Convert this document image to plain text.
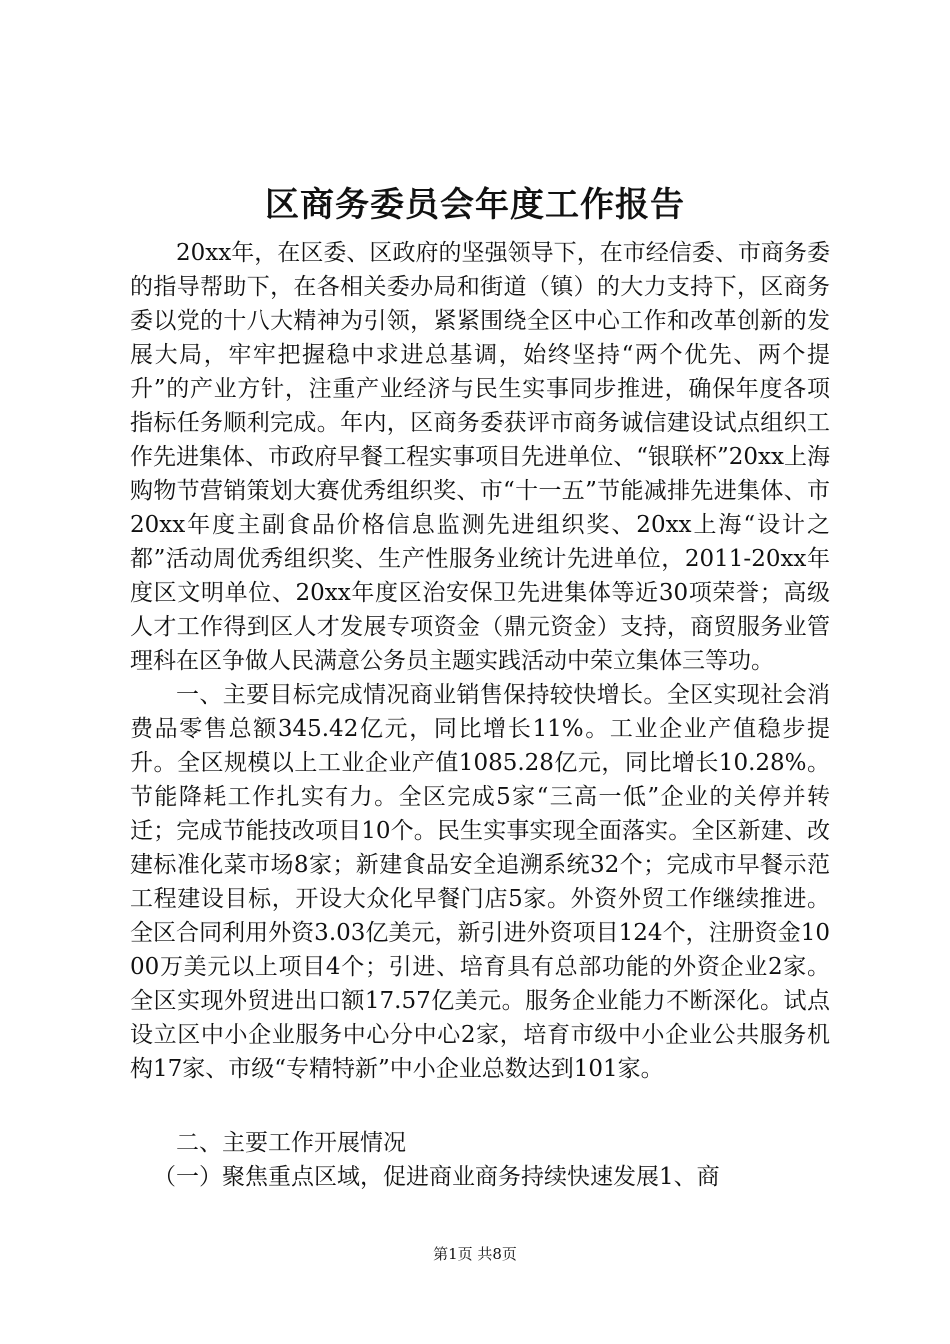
区商务委员会年度工作报告

20xx年，在区委、区政府的坚强领导下，在市经信委、市商务委的指导帮助下，在各相关委办局和街道（镇）的大力支持下，区商务委以党的十八大精神为引领，紧紧围绕全区中心工作和改革创新的发展大局，牢牢把握稳中求进总基调，始终坚持“两个优先、两个提升”的产业方针，注重产业经济与民生实事同步推进，确保年度各项指标任务顺利完成。年内，区商务委获评市商务诚信建设试点组织工作先进集体、市政府早餐工程实事项目先进单位、“银联杯”20xx上海购物节营销策划大赛优秀组织奖、市“十一五”节能减排先进集体、市20xx年度主副食品价格信息监测先进组织奖、20xx上海“设计之都”活动周优秀组织奖、生产性服务业统计先进单位，2011-20xx年度区文明单位、20xx年度区治安保卫先进集体等近30项荣誉；高级人才工作得到区人才发展专项资金（鼎元资金）支持，商贸服务业管理科在区争做人民满意公务员主题实践活动中荣立集体三等功。

一、主要目标完成情况商业销售保持较快增长。全区实现社会消费品零售总额345.42亿元，同比增长11%。工业企业产值稳步提升。全区规模以上工业企业产值1085.28亿元，同比增长10.28%。节能降耗工作扎实有力。全区完成5家“三高一低”企业的关停并转迁；完成节能技改项目10个。民生实事实现全面落实。全区新建、改建标准化菜市场8家；新建食品安全追溯系统32个；完成市早餐示范工程建设目标，开设大众化早餐门店5家。外资外贸工作继续推进。全区合同利用外资3.03亿美元，新引进外资项目124个，注册资金1000万美元以上项目4个；引进、培育具有总部功能的外资企业2家。全区实现外贸进出口额17.57亿美元。服务企业能力不断深化。试点设立区中小企业服务中心分中心2家，培育市级中小企业公共服务机构17家、市级“专精特新”中小企业总数达到101家。

二、主要工作开展情况

（一）聚焦重点区域，促进商业商务持续快速发展1、商

第1页 共8页
